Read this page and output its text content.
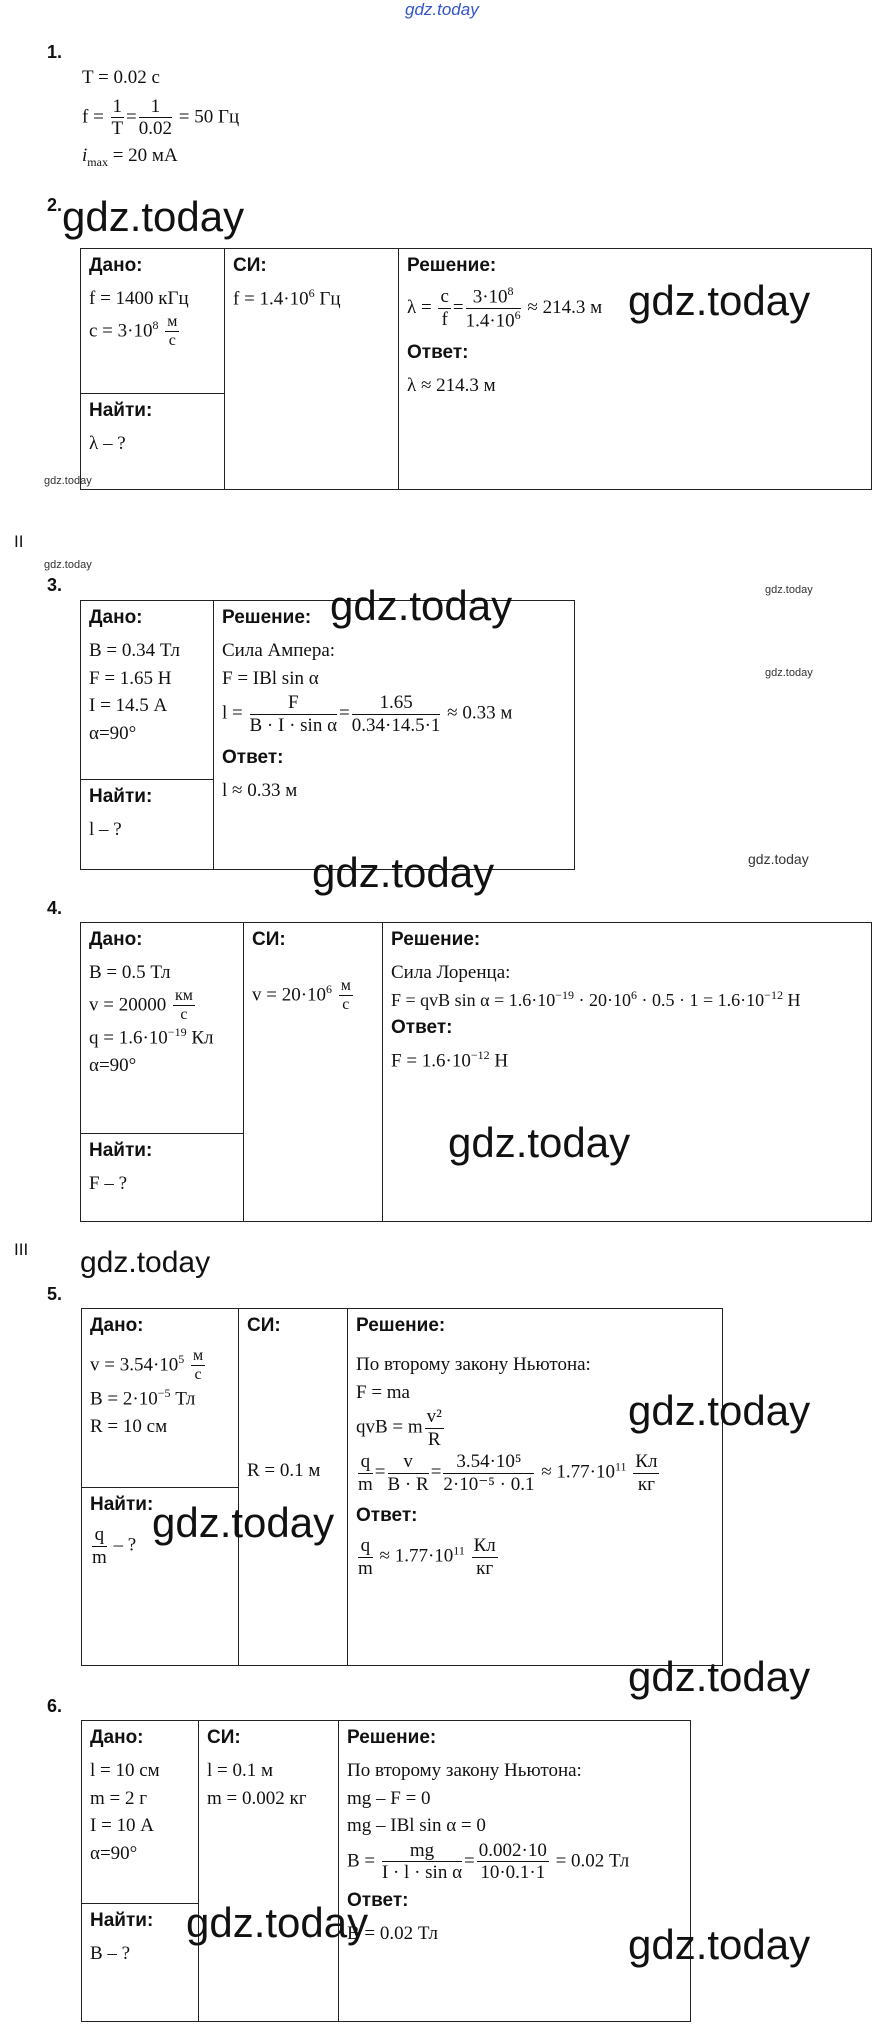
gdz.today
1.
T = 0.02 с
$f = \frac{1}{T} = \frac{1}{0.02} = 50$ Гц
$i_{max} = 20$ мА
2.
Дано:
f = 1400 кГц
$c = 3\cdot 10^8 \frac{м}{с}$

СИ:
$f = 1.4\cdot 10^6$ Гц

Решение:
$\lambda = \frac{c}{f} = \frac{3\cdot 10^8}{1.4\cdot 10^6} \approx 214.3$ м
Ответ:
λ ≈ 214.3 м

Найти:
λ – ?
II
3.
Дано:
B = 0.34 Тл
F = 1.65 Н
I = 14.5 А
α=90°

Решение:
Сила Ампера:
F = IBl sin α
$l = \frac{F}{\text{B · I · sin α}} = \frac{1.65}{0.34\cdot 14.5\cdot 1} \approx 0.33$ м
Ответ:
l ≈ 0.33 м

Найти:
l – ?
4.
Дано:
B = 0.5 Тл
$v = 20000 \frac{км}{с}$
$q = 1.6\cdot 10^{-19}$ Кл
α=90°

СИ:
$v = 20\cdot 10^6 \frac{м}{с}$

Решение:
Сила Лоренца:
F = qvB $\sin \alpha = 1.6\cdot 10^{-19} \cdot 20\cdot 10^6 \cdot 0.5 \cdot 1 = 1.6\cdot 10^{-12}$ Н
Ответ:
$F = 1.6\cdot 10^{-12}$ Н

Найти:
F – ?
III
5.
Дано:
$v = 3.54\cdot 10^5 \frac{м}{с}$
$B = 2\cdot 10^{-5}$ Тл
R = 10 см

СИ:
R = 0.1 м

Решение:
По второму закону Ньютона:
F = ma
qvB = m $\frac{\text{v²}}{R}$
$\frac{q}{m} = \frac{v}{B \cdot R} = \frac{\text{3.54·10⁵}}{\text{2·10⁻⁵ · 0.1}} \approx 1.77\cdot 10^{11} \frac{Кл}{кг}$
Ответ:
$\frac{q}{m} \approx 1.77\cdot 10^{11} \frac{Кл}{кг}$

Найти:
$\frac{q}{m}$ – ?
6.
Дано:
l = 10 см
m = 2 г
I = 10 А
α=90°

СИ:
l = 0.1 м
m = 0.002 кг

Решение:
По второму закону Ньютона:
mg – F = 0
mg – IBl sin α = 0
$B = \frac{mg}{\text{I · l · sin α}} = \frac{0.002\cdot 10}{10\cdot 0.1\cdot 1} = 0.02$ Тл
Ответ:
B = 0.02 Тл

Найти:
B – ?
gdz.today
gdz.today
gdz.today
gdz.today
gdz.today	gdz.today
gdz.today
gdz.today	gdz.today
gdz.today
gdz.today
gdz.today
gdz.today
gdz.today
gdz.today	gdz.today
